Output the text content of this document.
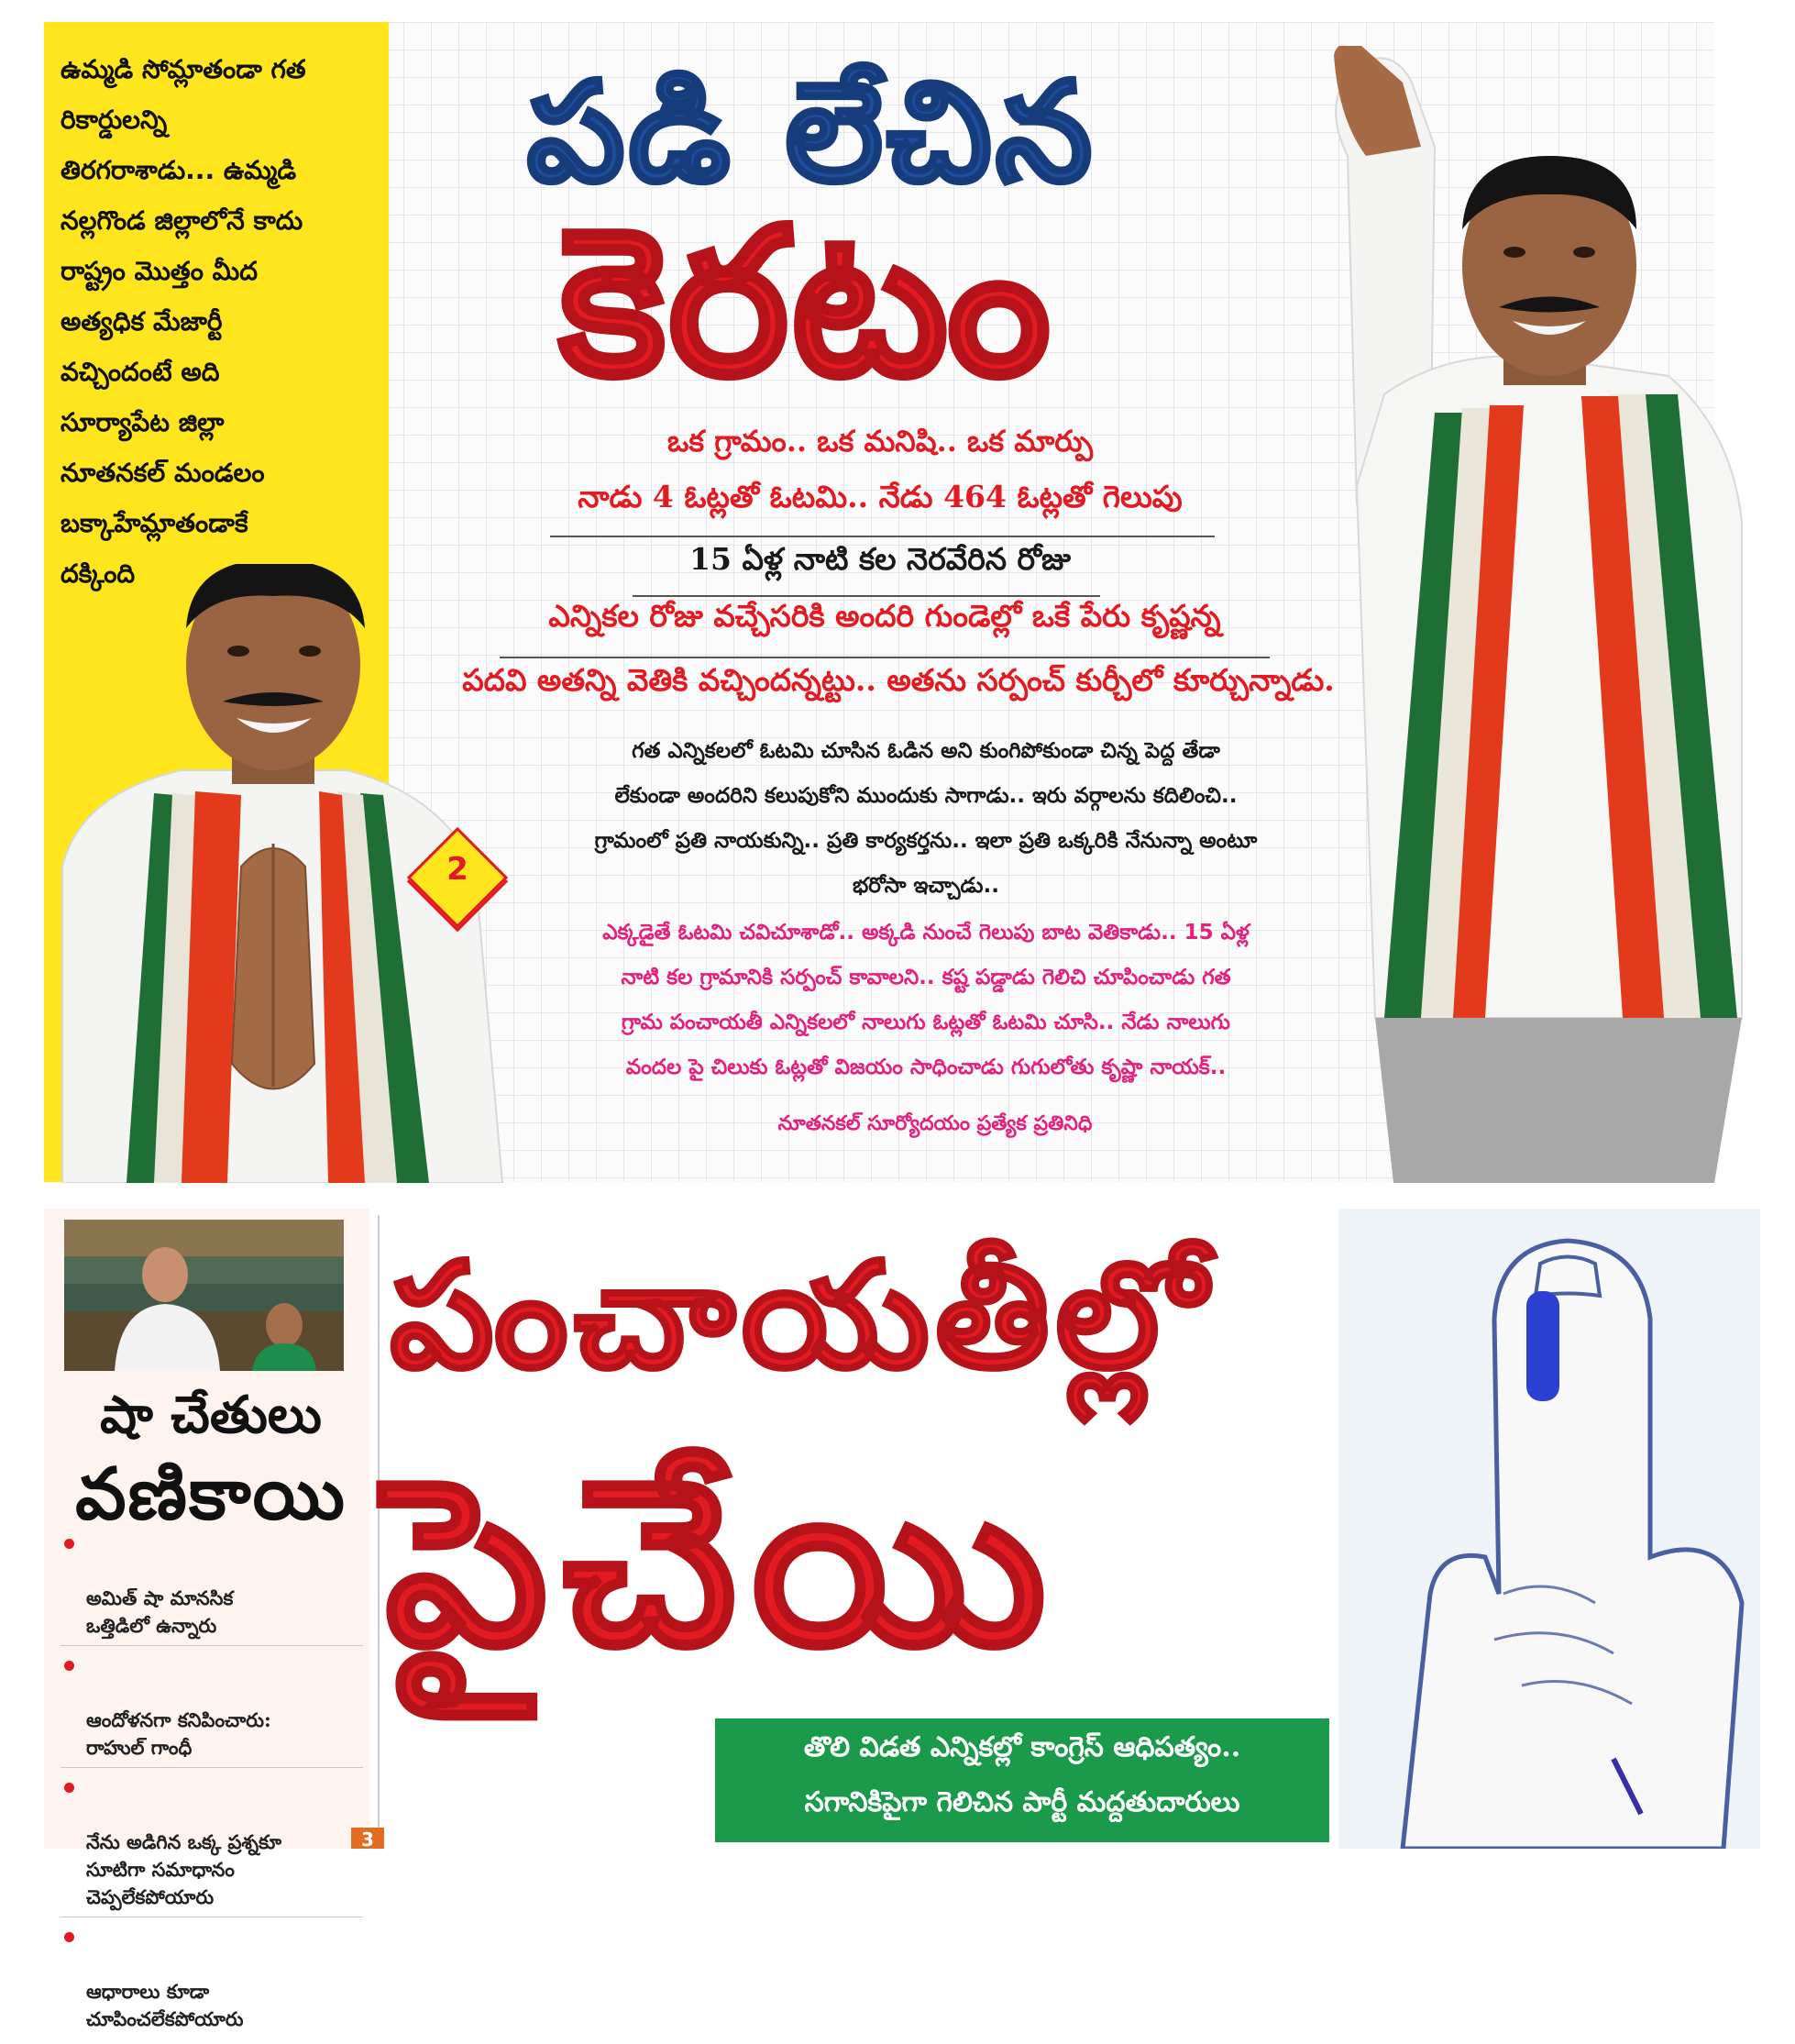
ఉమ్మడి సోమ్లాతండా గత
రికార్డులన్ని
తిరగరాశాడు... ఉమ్మడి
నల్లగొండ జిల్లాలోనే కాదు
రాష్ట్రం మొత్తం మీద
అత్యధిక మేజార్టీ
వచ్చిందంటే అది
సూర్యాపేట జిల్లా
నూతనకల్ మండలం
బక్కాహేమ్లాతండాకే
దక్కింది
పడి లేచిన
కెరటం
ఒక గ్రామం.. ఒక మనిషి.. ఒక మార్పు
నాడు 4 ఓట్లతో ఓటమి.. నేడు 464 ఓట్లతో గెలుపు
15 ఏళ్ల నాటి కల నెరవేరిన రోజు
ఎన్నికల రోజు వచ్చేసరికి అందరి గుండెల్లో ఒకే పేరు కృష్ణన్న
పదవి అతన్ని వెతికి వచ్చిందన్నట్టు.. అతను సర్పంచ్ కుర్చీలో కూర్చున్నాడు.
గత ఎన్నికలలో ఓటమి చూసిన ఓడిన అని కుంగిపోకుండా చిన్న పెద్ద తేడా
లేకుండా అందరిని కలుపుకోని ముందుకు సాగాడు.. ఇరు వర్గాలను కదిలించి..
గ్రామంలో ప్రతి నాయకున్ని.. ప్రతి కార్యకర్తను.. ఇలా ప్రతి ఒక్కరికి నేనున్నా అంటూ
భరోసా ఇచ్చాడు..
ఎక్కడైతే ఓటమి చవిచూశాడో.. అక్కడి నుంచే గెలుపు బాట వెతికాడు.. 15 ఏళ్ల
నాటి కల గ్రామానికి సర్పంచ్ కావాలని.. కష్ట పడ్డాడు గెలిచి చూపించాడు గత
గ్రామ పంచాయతీ ఎన్నికలలో నాలుగు ఓట్లతో ఓటమి చూసి.. నేడు నాలుగు
వందల పై చిలుకు ఓట్లతో విజయం సాధించాడు గుగులోతు కృష్ణా నాయక్..
నూతనకల్ సూర్యోదయం ప్రత్యేక ప్రతినిధి
2
షా చేతులు
వణికాయి

అమిత్ షా మానసిక
ఒత్తిడిలో ఉన్నారు

ఆందోళనగా కనిపించారు:
రాహుల్ గాంధీ

నేను అడిగిన ఒక్క ప్రశ్నకూ
సూటిగా సమాధానం
చెప్పలేకపోయారు

ఆధారాలు కూడా
చూపించలేకపోయారు

3
పంచాయతీల్లో
పైచేయి
తొలి విడత ఎన్నికల్లో కాంగ్రెస్ ఆధిపత్యం..
సగానికిపైగా గెలిచిన పార్టీ మద్దతుదారులు
